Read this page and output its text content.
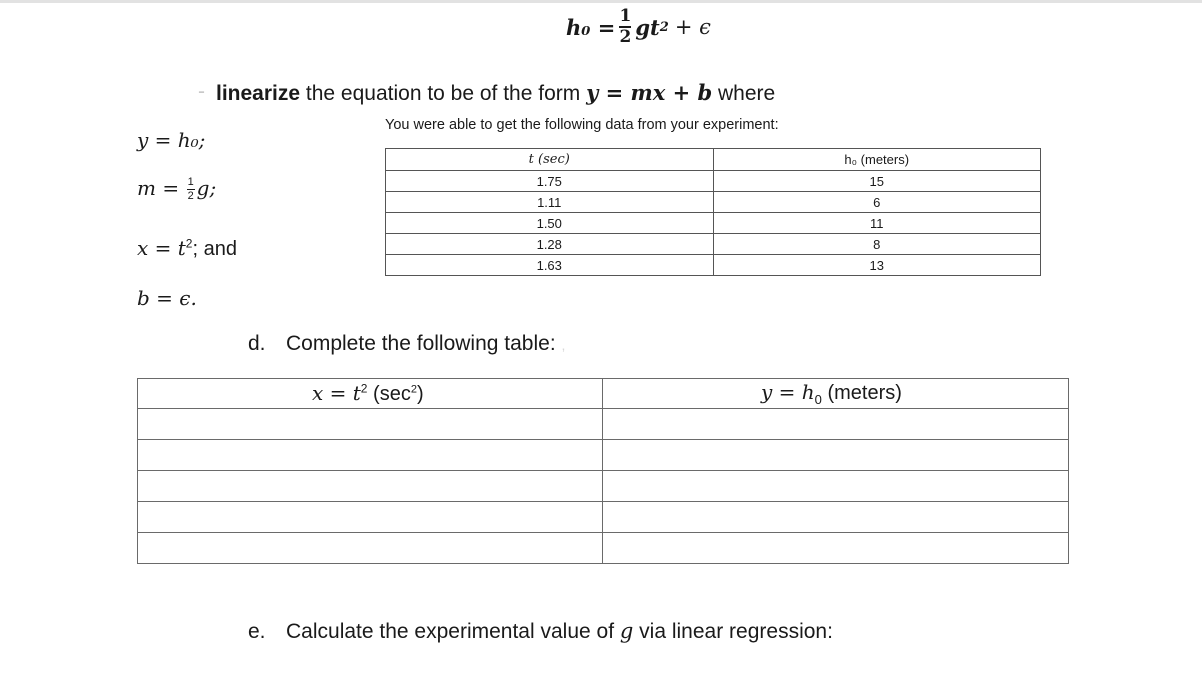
$h_0 = \frac{1}{2}$ gt 2 + ϵ
- linearize the equation to be of the form y = mx + b where
y = h₀;
$m = \frac{1}{2} g$;
$x = t^2$; and
b = ϵ.
You were able to get the following data from your experiment:
t (sec)	h₀ (meters)
1.75	15
1.11	6
1.50	11
1.28	8
1.63	13
d. Complete the following table: ,
$x = t^2$ $(\sec^2)$	$y = h_0$ (meters)

e. Calculate the experimental value of g via linear regression:
